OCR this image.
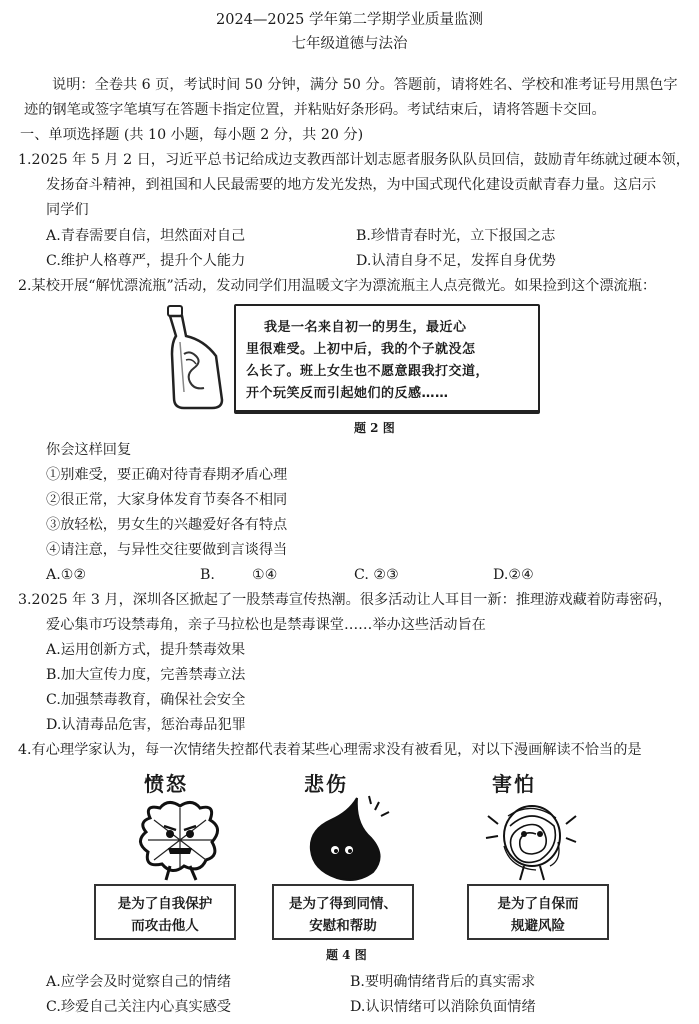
2024—2025 学年第二学期学业质量监测
七年级道德与法治
说明：全卷共 6 页，考试时间 50 分钟，满分 50 分。答题前，请将姓名、学校和准考证号用黑色字
迹的钢笔或签字笔填写在答题卡指定位置，并粘贴好条形码。考试结束后，请将答题卡交回。
一、单项选择题 (共 10 小题，每小题 2 分，共 20 分)
1.2025 年 5 月 2 日，习近平总书记给成边支教西部计划志愿者服务队队员回信，鼓励青年练就过硬本领，
发扬奋斗精神，到祖国和人民最需要的地方发光发热，为中国式现代化建设贡献青春力量。这启示
同学们
A.青春需要自信，坦然面对自己	B.珍惜青春时光，立下报国之志
C.维护人格尊严，提升个人能力	D.认清自身不足，发挥自身优势
2.某校开展“解忧漂流瓶”活动，发动同学们用温暖文字为漂流瓶主人点亮微光。如果捡到这个漂流瓶：
我是一名来自初一的男生，最近心
里很难受。上初中后，我的个子就没怎
么长了。班上女生也不愿意跟我打交道，
开个玩笑反而引起她们的反感……
题 2 图
你会这样回复
①别难受，要正确对待青春期矛盾心理
②很正常，大家身体发育节奏各不相同
③放轻松，男女生的兴趣爱好各有特点
④请注意，与异性交往要做到言谈得当
A.①②	B.	①④	C. ②③	D.②④
3.2025 年 3 月，深圳各区掀起了一股禁毒宣传热潮。很多活动让人耳目一新：推理游戏藏着防毒密码，
爱心集市巧设禁毒角，亲子马拉松也是禁毒课堂……举办这些活动旨在
A.运用创新方式，提升禁毒效果
B.加大宣传力度，完善禁毒立法
C.加强禁毒教育，确保社会安全
D.认清毒品危害，惩治毒品犯罪
4.有心理学家认为，每一次情绪失控都代表着某些心理需求没有被看见，对以下漫画解读不恰当的是
愤怒
是为了自我保护
而攻击他人
悲伤
是为了得到同情、
安慰和帮助
害怕
是为了自保而
规避风险
题 4 图
A.应学会及时觉察自己的情绪	B.要明确情绪背后的真实需求
C.珍爱自己关注内心真实感受	D.认识情绪可以消除负面情绪
